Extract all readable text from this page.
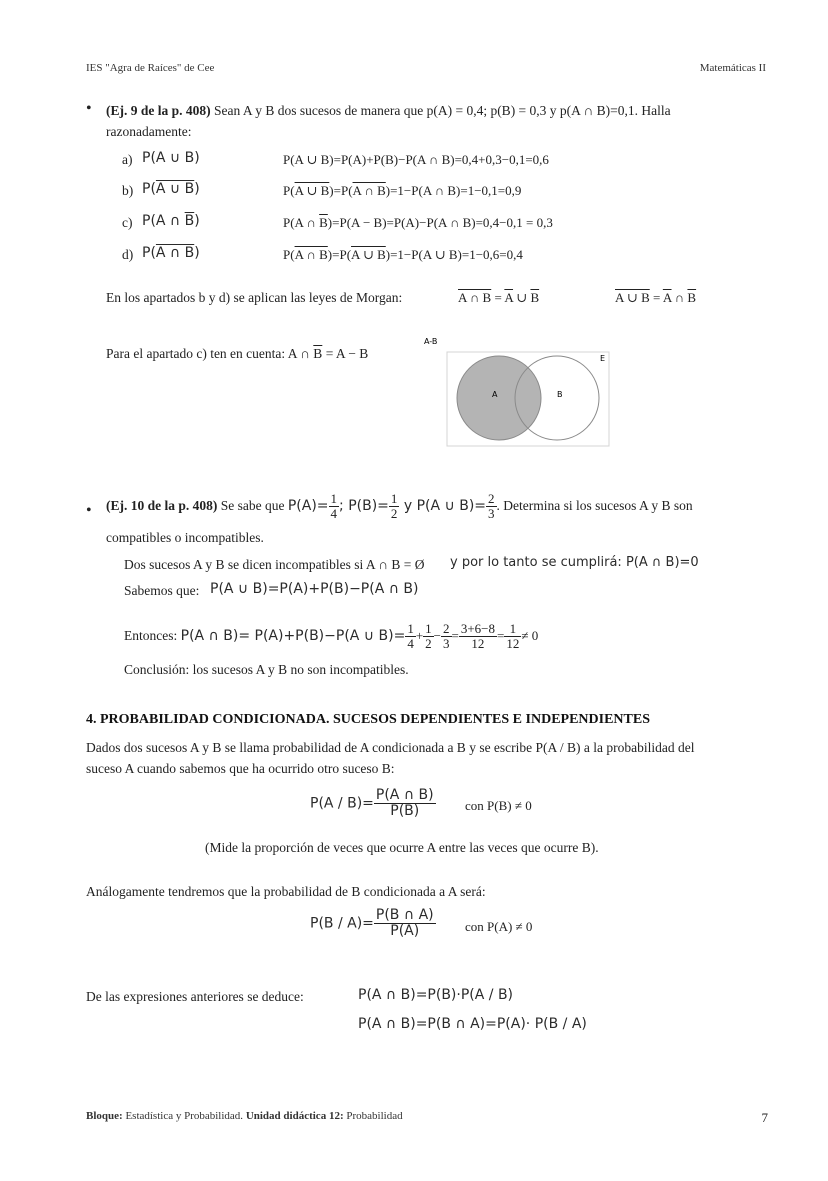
IES "Agra de Raíces" de Cee	Matemáticas II
• (Ej. 9 de la p. 408) Sean A y B dos sucesos de manera que p(A) = 0,4; p(B) = 0,3 y p(A ∩ B)=0,1. Halla
razonadamente:
a) P(A ∪ B)	P(A ∪ B)=P(A)+P(B)−P(A ∩ B)=0,4+0,3−0,1=0,6
b) P(A ∪ B)	P(A ∪ B)=P(A ∩ B)=1−P(A ∩ B)=1−0,1=0,9
c) P(A ∩ $\overline{B}$)	P(A ∩ $\overline{B})=P(A - B)=P(A)-P(A$ ∩ B)=0,4−0,1 = 0,3
d) P(A ∩ B)	P(A ∩ B)=P(A ∪ B)=1−P(A ∪ B)=1−0,6=0,4
En los apartados b y d) se aplican las leyes de Morgan:	A ∩ $B = \overline{A}$ ∪ $\overline{B}$	A ∪ $B = \overline{A}$ ∩ $\overline{B}$
Para el apartado c) ten en cuenta: A ∩ $\overline{B} = A - B$
A-B
A	B
E
• (Ej. 10 de la p. 408) Se sabe que $P(A)= \frac{1}{4}$ ; $P(B)= \frac{1}{2}$ y P(A ∪ $B)= \frac{2}{3}$ . Determina si los sucesos A y B son
compatibles o incompatibles.
Dos sucesos A y B se dicen incompatibles si A ∩ B = Ø y por lo tanto se cumplirá: P(A ∩ B)=0
Sabemos que: P(A ∪ B)=P(A)+P(B)−P(A ∩ B)
Entonces: P(A ∩ B)= P(A)+P(B)−P(A ∪ $B)= \frac{1}{4} + \frac{1}{2} - \frac{2}{3} = \frac{3+6-8}{12} = \frac{1}{12} \ne 0$
Conclusión: los sucesos A y B no son incompatibles.
4. PROBABILIDAD CONDICIONADA. SUCESOS DEPENDIENTES E INDEPENDIENTES
Dados dos sucesos A y B se llama probabilidad de A condicionada a B y se escribe P(A / B) a la probabilidad del
suceso A cuando sabemos que ha ocurrido otro suceso B:
$P(A / B)= \frac{P(A \cap B)}{P(B)}$ con P(B) ≠ 0
(Mide la proporción de veces que ocurre A entre las veces que ocurre B).
Análogamente tendremos que la probabilidad de B condicionada a A será:
$P(B / A)= \frac{P(B \cap A)}{P(A)}$ con P(A) ≠ 0
De las expresiones anteriores se deduce:	P(A ∩ B)=P(B)·P(A / B)
P(A ∩ B)=P(B ∩ A)=P(A)· P(B / A)
Bloque: Estadística y Probabilidad. Unidad didáctica 12: Probabilidad	7
